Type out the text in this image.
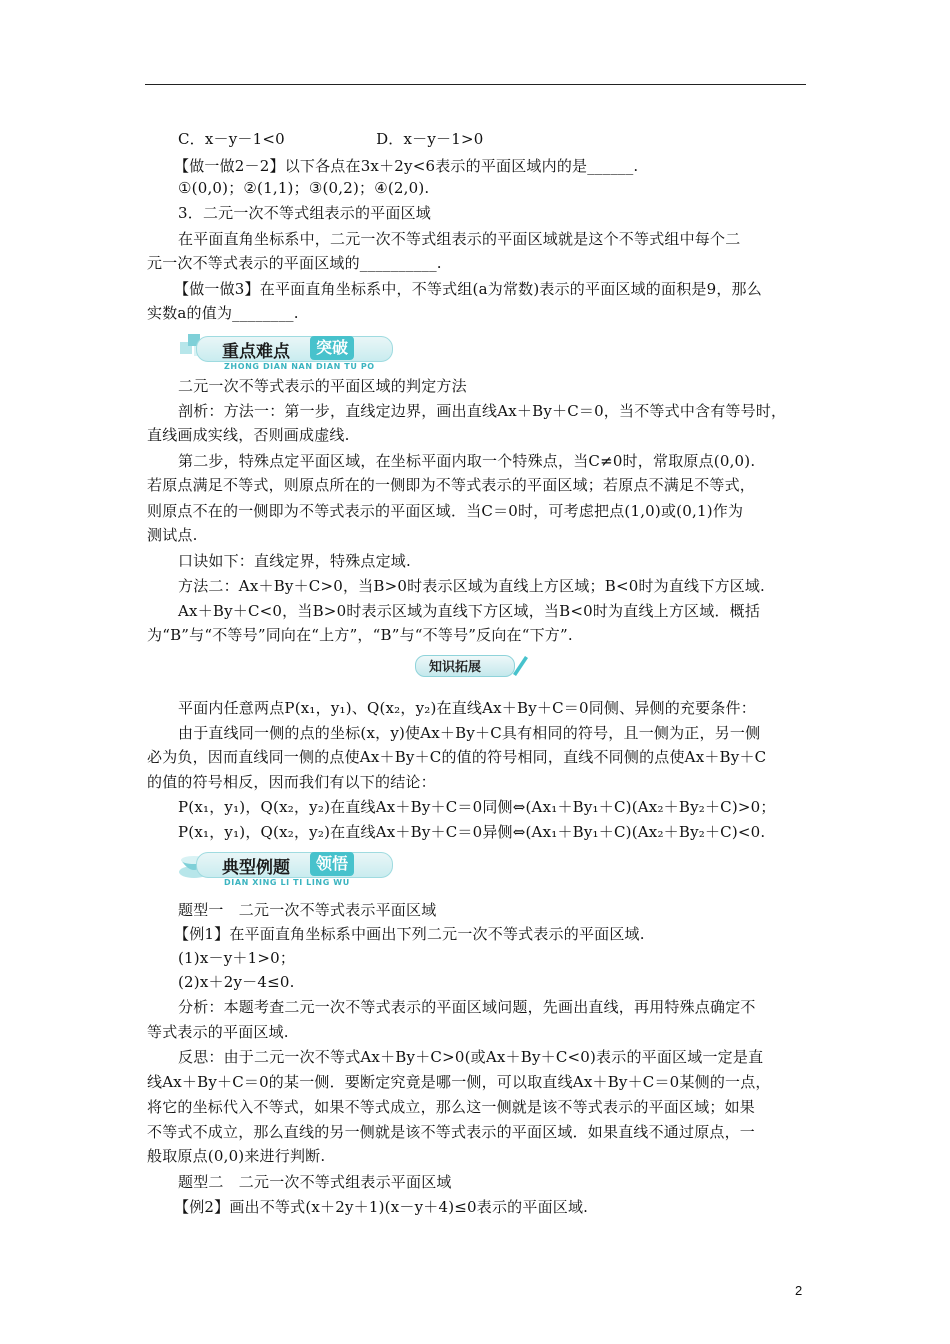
C．x－y－1<0　　　　　　D．x－y－1>0
【做一做2－2】以下各点在3x＋2y<6表示的平面区域内的是______.
①(0,0)；②(1,1)；③(0,2)；④(2,0).
3．二元一次不等式组表示的平面区域
在平面直角坐标系中，二元一次不等式组表示的平面区域就是这个不等式组中每个二
元一次不等式表示的平面区域的__________.
【做一做3】在平面直角坐标系中，不等式组(a为常数)表示的平面区域的面积是9，那么
实数a的值为________.
重点难点	突破
ZHONG DIAN NAN DIAN TU PO
二元一次不等式表示的平面区域的判定方法
剖析：方法一：第一步，直线定边界，画出直线Ax＋By＋C＝0，当不等式中含有等号时，
直线画成实线，否则画成虚线.
第二步，特殊点定平面区域，在坐标平面内取一个特殊点，当C≠0时，常取原点(0,0).
若原点满足不等式，则原点所在的一侧即为不等式表示的平面区域；若原点不满足不等式，
则原点不在的一侧即为不等式表示的平面区域．当C＝0时，可考虑把点(1,0)或(0,1)作为
测试点.
口诀如下：直线定界，特殊点定域.
方法二：Ax＋By＋C>0，当B>0时表示区域为直线上方区域；B<0时为直线下方区域.
Ax＋By＋C<0，当B>0时表示区域为直线下方区域，当B<0时为直线上方区域．概括
为“B”与“不等号”同向在“上方”，“B”与“不等号”反向在“下方”.
知识拓展
平面内任意两点P(x₁，y₁)、Q(x₂，y₂)在直线Ax＋By＋C＝0同侧、异侧的充要条件：
由于直线同一侧的点的坐标(x，y)使Ax＋By＋C具有相同的符号，且一侧为正，另一侧
必为负，因而直线同一侧的点使Ax＋By＋C的值的符号相同，直线不同侧的点使Ax＋By＋C
的值的符号相反，因而我们有以下的结论：
P(x₁，y₁)，Q(x₂，y₂)在直线Ax＋By＋C＝0同侧⇔(Ax₁＋By₁＋C)(Ax₂＋By₂＋C)>0；
P(x₁，y₁)，Q(x₂，y₂)在直线Ax＋By＋C＝0异侧⇔(Ax₁＋By₁＋C)(Ax₂＋By₂＋C)<0.
典型例题	领悟
DIAN XING LI TI LING WU
题型一　二元一次不等式表示平面区域
【例1】在平面直角坐标系中画出下列二元一次不等式表示的平面区域.
(1)x－y＋1>0；
(2)x＋2y－4≤0.
分析：本题考查二元一次不等式表示的平面区域问题，先画出直线，再用特殊点确定不
等式表示的平面区域.
反思：由于二元一次不等式Ax＋By＋C>0(或Ax＋By＋C<0)表示的平面区域一定是直
线Ax＋By＋C＝0的某一侧．要断定究竟是哪一侧，可以取直线Ax＋By＋C＝0某侧的一点，
将它的坐标代入不等式，如果不等式成立，那么这一侧就是该不等式表示的平面区域；如果
不等式不成立，那么直线的另一侧就是该不等式表示的平面区域．如果直线不通过原点，一
般取原点(0,0)来进行判断.
题型二　二元一次不等式组表示平面区域
【例2】画出不等式(x＋2y＋1)(x－y＋4)≤0表示的平面区域.
2
